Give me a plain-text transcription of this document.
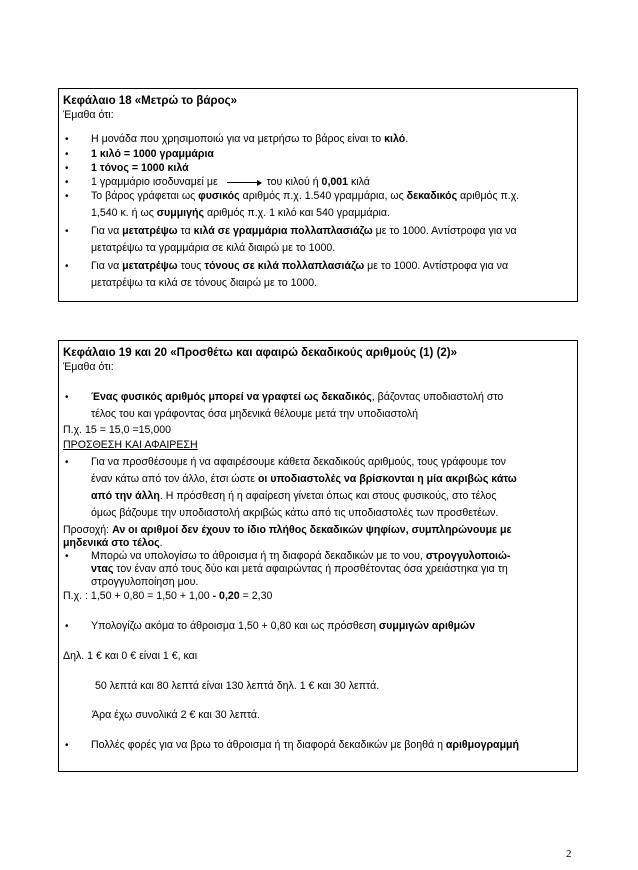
Κεφάλαιο 18 «Μετρώ το βάρος»
Έμαθα ότι:
• Η μονάδα που χρησιμοποιώ για να μετρήσω το βάρος είναι το κιλό.
• 1 κιλό = 1000 γραμμάρια
• 1 τόνος = 1000 κιλά
• 1 γραμμάριο ισοδυναμεί με	του κιλού ή 0,001 κιλά
• Το βάρος γράφεται ως φυσικός αριθμός π.χ. 1.540 γραμμάρια, ως δεκαδικός αριθμός π.χ.
1,540 κ. ή ως συμμιγής αριθμός π.χ. 1 κιλό και 540 γραμμάρια.
• Για να μετατρέψω τα κιλά σε γραμμάρια πολλαπλασιάζω με το 1000. Αντίστροφα για να
μετατρέψω τα γραμμάρια σε κιλά διαιρώ με το 1000.
• Για να μετατρέψω τους τόνους σε κιλά πολλαπλασιάζω με το 1000. Αντίστροφα για να
μετατρέψω τα κιλά σε τόνους διαιρώ με το 1000.
Κεφάλαιο 19 και 20 «Προσθέτω και αφαιρώ δεκαδικούς αριθμούς (1) (2)»
Έμαθα ότι:
• Ένας φυσικός αριθμός μπορεί να γραφτεί ως δεκαδικός, βάζοντας υποδιαστολή στο
τέλος του και γράφοντας όσα μηδενικά θέλουμε μετά την υποδιαστολή
Π.χ. 15 = 15,0 =15,000
ΠΡΟΣΘΕΣΗ ΚΑΙ ΑΦΑΙΡΕΣΗ
• Για να προσθέσουμε ή να αφαιρέσουμε κάθετα δεκαδικούς αριθμούς, τους γράφουμε τον
έναν κάτω από τον άλλο, έτσι ώστε οι υποδιαστολές να βρίσκονται η μία ακριβώς κάτω
από την άλλη. Η πρόσθεση ή η αφαίρεση γίνεται όπως και στους φυσικούς, στο τέλος
όμως βάζουμε την υποδιαστολή ακριβώς κάτω από τις υποδιαστολές των προσθετέων.
Προσοχή: Αν οι αριθμοί δεν έχουν το ίδιο πλήθος δεκαδικών ψηφίων, συμπληρώνουμε με
μηδενικά στο τέλος.
• Μπορώ να υπολογίσω το άθροισμα ή τη διαφορά δεκαδικών με το νου, στρογγυλοποιώ-
ντας τον έναν από τους δύο και μετά αφαιρώντας ή προσθέτοντας όσα χρειάστηκα για τη
στρογγυλοποίηση μου.
Π.χ. : 1,50 + 0,80 = 1,50 + 1,00 - 0,20 = 2,30
• Υπολογίζω ακόμα το άθροισμα 1,50 + 0,80 και ως πρόσθεση συμμιγών αριθμών
Δηλ. 1 € και 0 € είναι 1 €, και
50 λεπτά και 80 λεπτά είναι 130 λεπτά δηλ. 1 € και 30 λεπτά.
Άρα έχω συνολικά 2 € και 30 λεπτά.
• Πολλές φορές για να βρω το άθροισμα ή τη διαφορά δεκαδικών με βοηθά η αριθμογραμμή
2
